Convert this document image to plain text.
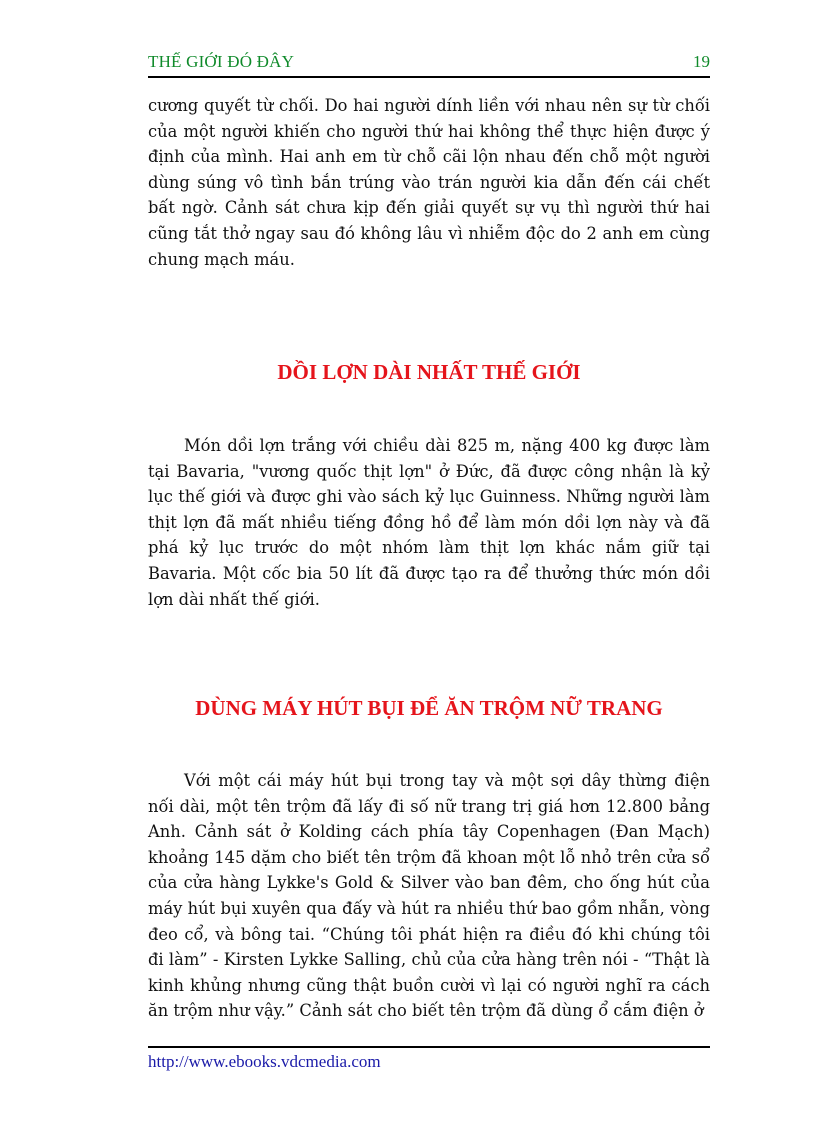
THẾ GIỚI ĐÓ ĐÂY	19

cương quyết từ chối. Do hai người dính liền với nhau nên sự từ chối của một người khiến cho người thứ hai không thể thực hiện được ý định của mình. Hai anh em từ chỗ cãi lộn nhau đến chỗ một người dùng súng vô tình bắn trúng vào trán người kia dẫn đến cái chết bất ngờ. Cảnh sát chưa kịp đến giải quyết sự vụ thì người thứ hai cũng tắt thở ngay sau đó không lâu vì nhiễm độc do 2 anh em cùng chung mạch máu.

DỒI LỢN DÀI NHẤT THẾ GIỚI

Món dồi lợn trắng với chiều dài 825 m, nặng 400 kg được làm tại Bavaria, "vương quốc thịt lợn" ở Đức, đã được công nhận là kỷ lục thế giới và được ghi vào sách kỷ lục Guinness. Những người làm thịt lợn đã mất nhiều tiếng đồng hồ để làm món dồi lợn này và đã phá kỷ lục trước do một nhóm làm thịt lợn khác nắm giữ tại Bavaria. Một cốc bia 50 lít đã được tạo ra để thưởng thức món dồi lợn dài nhất thế giới.

DÙNG MÁY HÚT BỤI ĐỂ ĂN TRỘM NỮ TRANG

Với một cái máy hút bụi trong tay và một sợi dây thừng điện nối dài, một tên trộm đã lấy đi số nữ trang trị giá hơn 12.800 bảng Anh. Cảnh sát ở Kolding cách phía tây Copenhagen (Đan Mạch) khoảng 145 dặm cho biết tên trộm đã khoan một lỗ nhỏ trên cửa sổ của cửa hàng Lykke's Gold & Silver vào ban đêm, cho ống hút của máy hút bụi xuyên qua đấy và hút ra nhiều thứ bao gồm nhẫn, vòng đeo cổ, và bông tai. “Chúng tôi phát hiện ra điều đó khi chúng tôi đi làm” - Kirsten Lykke Salling, chủ của cửa hàng trên nói - “Thật là kinh khủng nhưng cũng thật buồn cười vì lại có người nghĩ ra cách ăn trộm như vậy.” Cảnh sát cho biết tên trộm đã dùng ổ cắm điện ở

http://www.ebooks.vdcmedia.com
